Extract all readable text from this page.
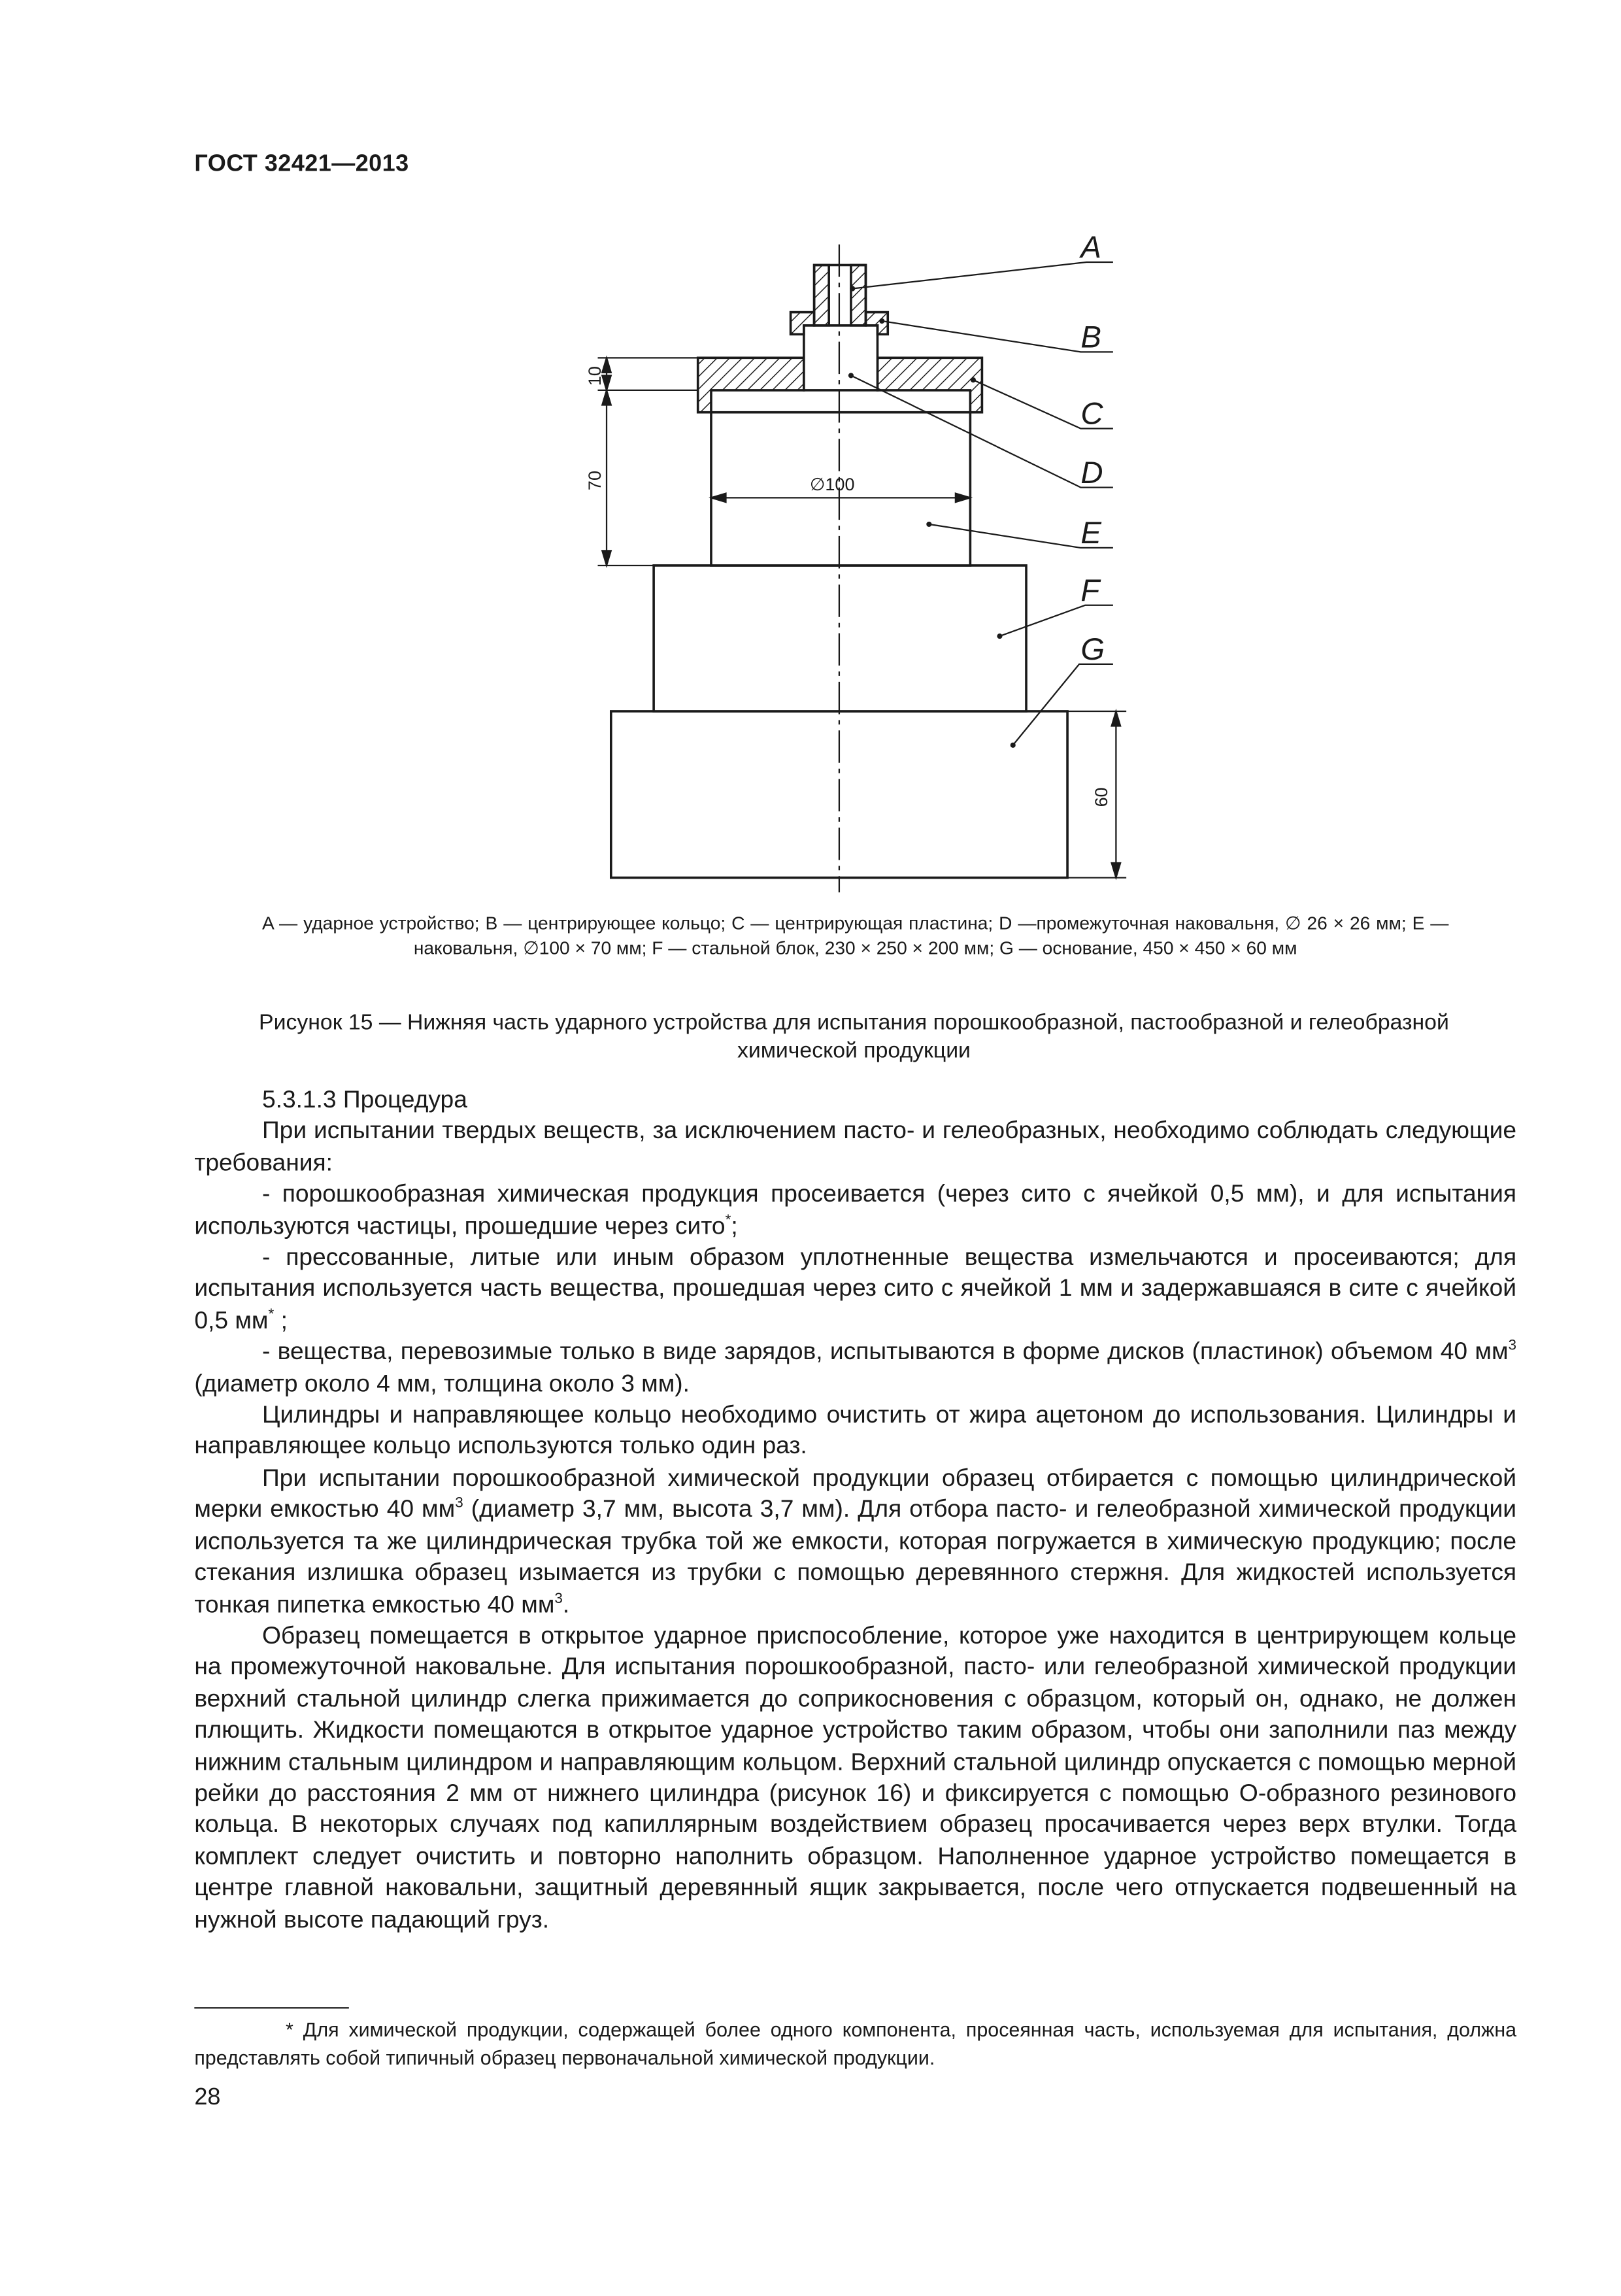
ГОСТ 32421—2013
10
70	∅100
60
A
B
C
D
E
F
G
A — ударное устройство; B — центрирующее кольцо; C — центрирующая пластина; D —промежуточная наковальня, ∅ 26 × 26 мм; E — наковальня, ∅100 × 70 мм; F — стальной блок, 230 × 250 × 200 мм; G — основание, 450 × 450 × 60 мм
Рисунок 15 — Нижняя часть ударного устройства для испытания порошкообразной, пастообразной и гелеобразной химической продукции

5.3.1.3 Процедура

При испытании твердых веществ, за исключением пасто- и гелеобразных, необходимо соблюдать следующие требования:

- порошкообразная химическая продукция просеивается (через сито с ячейкой 0,5 мм), и для испытания используются частицы, прошедшие через сито*;

- прессованные, литые или иным образом уплотненные вещества измельчаются и просеиваются; для испытания используется часть вещества, прошедшая через сито с ячейкой 1 мм и задержавшаяся в сите с ячейкой 0,5 мм* ;

- вещества, перевозимые только в виде зарядов, испытываются в форме дисков (пластинок) объемом 40 $мм^3$ (диаметр около 4 мм, толщина около 3 мм).

Цилиндры и направляющее кольцо необходимо очистить от жира ацетоном до использования. Цилиндры и направляющее кольцо используются только один раз.

При испытании порошкообразной химической продукции образец отбирается с помощью цилиндрической мерки емкостью 40 $мм^3$ (диаметр 3,7 мм, высота 3,7 мм). Для отбора пасто- и гелеобразной химической продукции используется та же цилиндрическая трубка той же емкости, которая погружается в химическую продукцию; после стекания излишка образец изымается из трубки с помощью деревянного стержня. Для жидкостей используется тонкая пипетка емкостью 40 $мм^3$.

Образец помещается в открытое ударное приспособление, которое уже находится в центрирующем кольце на промежуточной наковальне. Для испытания порошкообразной, пасто- или гелеобразной химической продукции верхний стальной цилиндр слегка прижимается до соприкосновения с образцом, который он, однако, не должен плющить. Жидкости помещаются в открытое ударное устройство таким образом, чтобы они заполнили паз между нижним стальным цилиндром и направляющим кольцом. Верхний стальной цилиндр опускается с помощью мерной рейки до расстояния 2 мм от нижнего цилиндра (рисунок 16) и фиксируется с помощью О-образного резинового кольца. В некоторых случаях под капиллярным воздействием образец просачивается через верх втулки. Тогда комплект следует очистить и повторно наполнить образцом. Наполненное ударное устройство помещается в центре главной наковальни, защитный деревянный ящик закрывается, после чего отпускается подвешенный на нужной высоте падающий груз.

* Для химической продукции, содержащей более одного компонента, просеянная часть, используемая для испытания, должна представлять собой типичный образец первоначальной химической продукции.
28
